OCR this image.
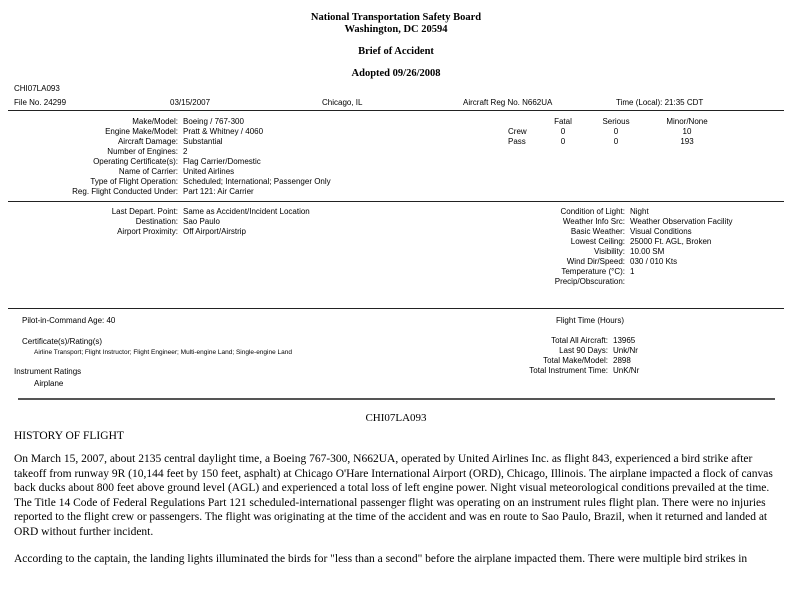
National Transportation Safety Board
Washington, DC 20594
Brief of Accident
Adopted 09/26/2008
CHI07LA093
File No. 24299	03/15/2007	Chicago, IL	Aircraft Reg No. N662UA	Time (Local): 21:35 CDT
Make/Model: Boeing / 767-300
Engine Make/Model: Pratt & Whitney / 4060
Aircraft Damage: Substantial
Number of Engines: 2
Operating Certificate(s): Flag Carrier/Domestic
Name of Carrier: United Airlines
Type of Flight Operation: Scheduled; International; Passenger Only
Reg. Flight Conducted Under: Part 121: Air Carrier
	Fatal	Serious	Minor/None
Crew	0	0	10
Pass	0	0	193
Last Depart. Point: Same as Accident/Incident Location
Destination: Sao Paulo
Airport Proximity: Off Airport/Airstrip
Condition of Light: Night
Weather Info Src: Weather Observation Facility
Basic Weather: Visual Conditions
Lowest Ceiling: 25000 Ft. AGL, Broken
Visibility: 10.00 SM
Wind Dir/Speed: 030 / 010 Kts
Temperature (°C): 1
Precip/Obscuration:
Pilot-in-Command Age: 40
Certificate(s)/Rating(s)
Airline Transport; Flight Instructor; Flight Engineer; Multi-engine Land; Single-engine Land
Instrument Ratings
Airplane
Flight Time (Hours)
Total All Aircraft: 13965
Last 90 Days: Unk/Nr
Total Make/Model: 2898
Total Instrument Time: UnK/Nr
CHI07LA093
HISTORY OF FLIGHT
On March 15, 2007, about 2135 central daylight time, a Boeing 767-300, N662UA, operated by United Airlines Inc. as flight 843, experienced a bird strike after takeoff from runway 9R (10,144 feet by 150 feet, asphalt) at Chicago O'Hare International Airport (ORD), Chicago, Illinois. The airplane impacted a flock of canvas back ducks about 800 feet above ground level (AGL) and experienced a total loss of left engine power. Night visual meteorological conditions prevailed at the time. The Title 14 Code of Federal Regulations Part 121 scheduled-international passenger flight was operating on an instrument rules flight plan. There were no injuries reported to the flight crew or passengers. The flight was originating at the time of the accident and was en route to Sao Paulo, Brazil, when it returned and landed at ORD without further incident.
According to the captain, the landing lights illuminated the birds for "less than a second" before the airplane impacted them. There were multiple bird strikes in
